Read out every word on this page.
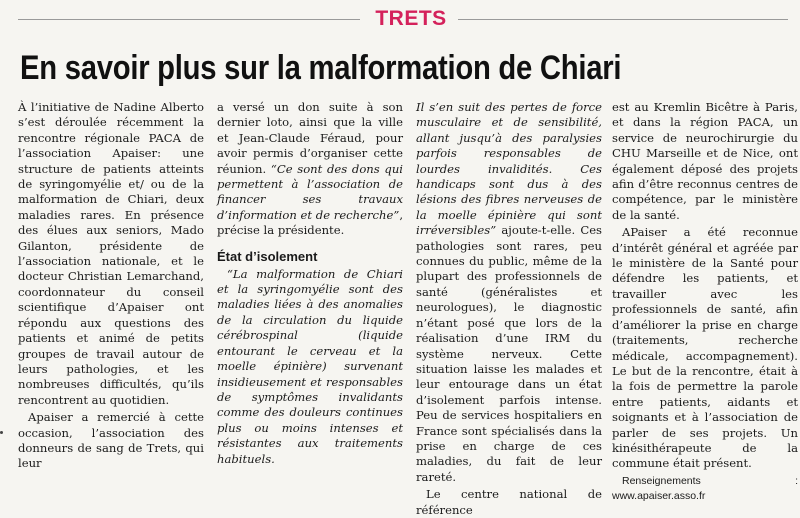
TRETS
En savoir plus sur la malformation de Chiari

À l’initiative de Nadine Alberto s’est déroulée récemment la rencontre régionale PACA de l’association Apaiser: une structure de patients atteints de syringomyélie et/ ou de la malformation de Chiari, deux maladies rares. En présence des élues aux seniors, Mado Gilanton, présidente de l’association nationale, et le docteur Christian Lemarchand, coordonnateur du conseil scientifique d’Apaiser ont répondu aux questions des patients et animé de petits groupes de travail autour de leurs pathologies, et les nombreuses difficultés, qu’ils rencontrent au quotidien.

Apaiser a remercié à cette occasion, l’association des donneurs de sang de Trets, qui leur

a versé un don suite à son dernier loto, ainsi que la ville et Jean-Claude Féraud, pour avoir permis d’organiser cette réunion. “Ce sont des dons qui permettent à l’association de financer ses travaux d’information et de recherche”, précise la présidente.

État d’isolement

“La malformation de Chiari et la syringomyélie sont des maladies liées à des anomalies de la circulation du liquide cérébrospinal (liquide entourant le cerveau et la moelle épinière) survenant insidieusement et responsables de symptômes invalidants comme des douleurs continues plus ou moins intenses et résistantes aux traitements habituels.

Il s’en suit des pertes de force musculaire et de sensibilité, allant jusqu’à des paralysies parfois responsables de lourdes invalidités. Ces handicaps sont dus à des lésions des fibres nerveuses de la moelle épinière qui sont irréversibles” ajoute-t-elle. Ces pathologies sont rares, peu connues du public, même de la plupart des professionnels de santé (généralistes et neurologues), le diagnostic n’étant posé que lors de la réalisation d’une IRM du système nerveux. Cette situation laisse les malades et leur entourage dans un état d’isolement parfois intense. Peu de services hospitaliers en France sont spécialisés dans la prise en charge de ces maladies, du fait de leur rareté.

Le centre national de référence

est au Kremlin Bicêtre à Paris, et dans la région PACA, un service de neurochirurgie du CHU Marseille et de Nice, ont également déposé des projets afin d’être reconnus centres de compétence, par le ministère de la santé.

APaiser a été reconnue d’intérêt général et agréée par le ministère de la Santé pour défendre les patients, et travailler avec les professionnels de santé, afin d’améliorer la prise en charge (traitements, recherche médicale, accompagnement). Le but de la rencontre, était à la fois de permettre la parole entre patients, aidants et soignants et à l’association de parler de ses projets. Un kinésithérapeute de la commune était présent.

Renseignements : www.apaiser.asso.fr
